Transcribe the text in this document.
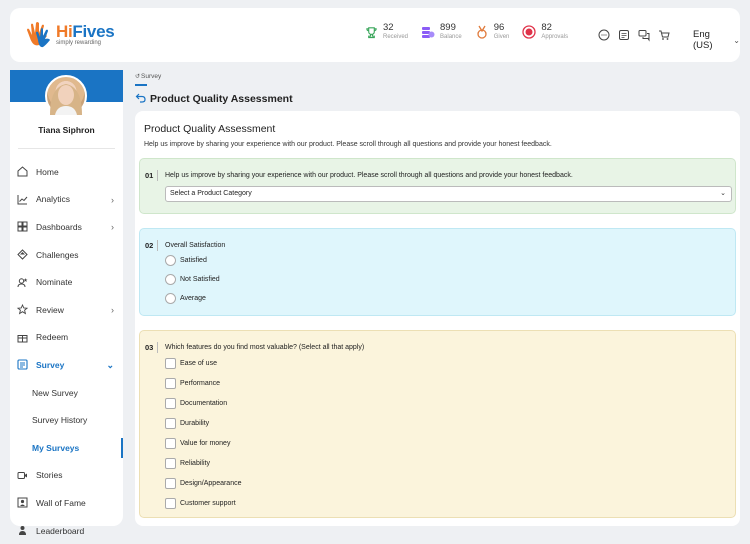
HiFives
simply rewarding
32
Received
899
Balance
96
Given
82
Approvals	Eng (US)	⌄
Tiana Siphron
Home
Analytics	›
Dashboards	›
Challenges
Nominate
Review	›
Redeem
Survey	⌄
New Survey
Survey History
My Surveys
Stories
Wall of Fame
Leaderboard
↺ Survey
Product Quality Assessment
Product Quality Assessment
Help us improve by sharing your experience with our product. Please scroll through all questions and provide your honest feedback.
01	Help us improve by sharing your experience with our product. Please scroll through all questions and provide your honest feedback.
Select a Product Category	⌄
02	Overall Satisfaction
Satisfied
Not Satisfied
Average
03	Which features do you find most valuable? (Select all that apply)
Ease of use
Performance
Documentation
Durability
Value for money
Reliability
Design/Appearance
Customer support
